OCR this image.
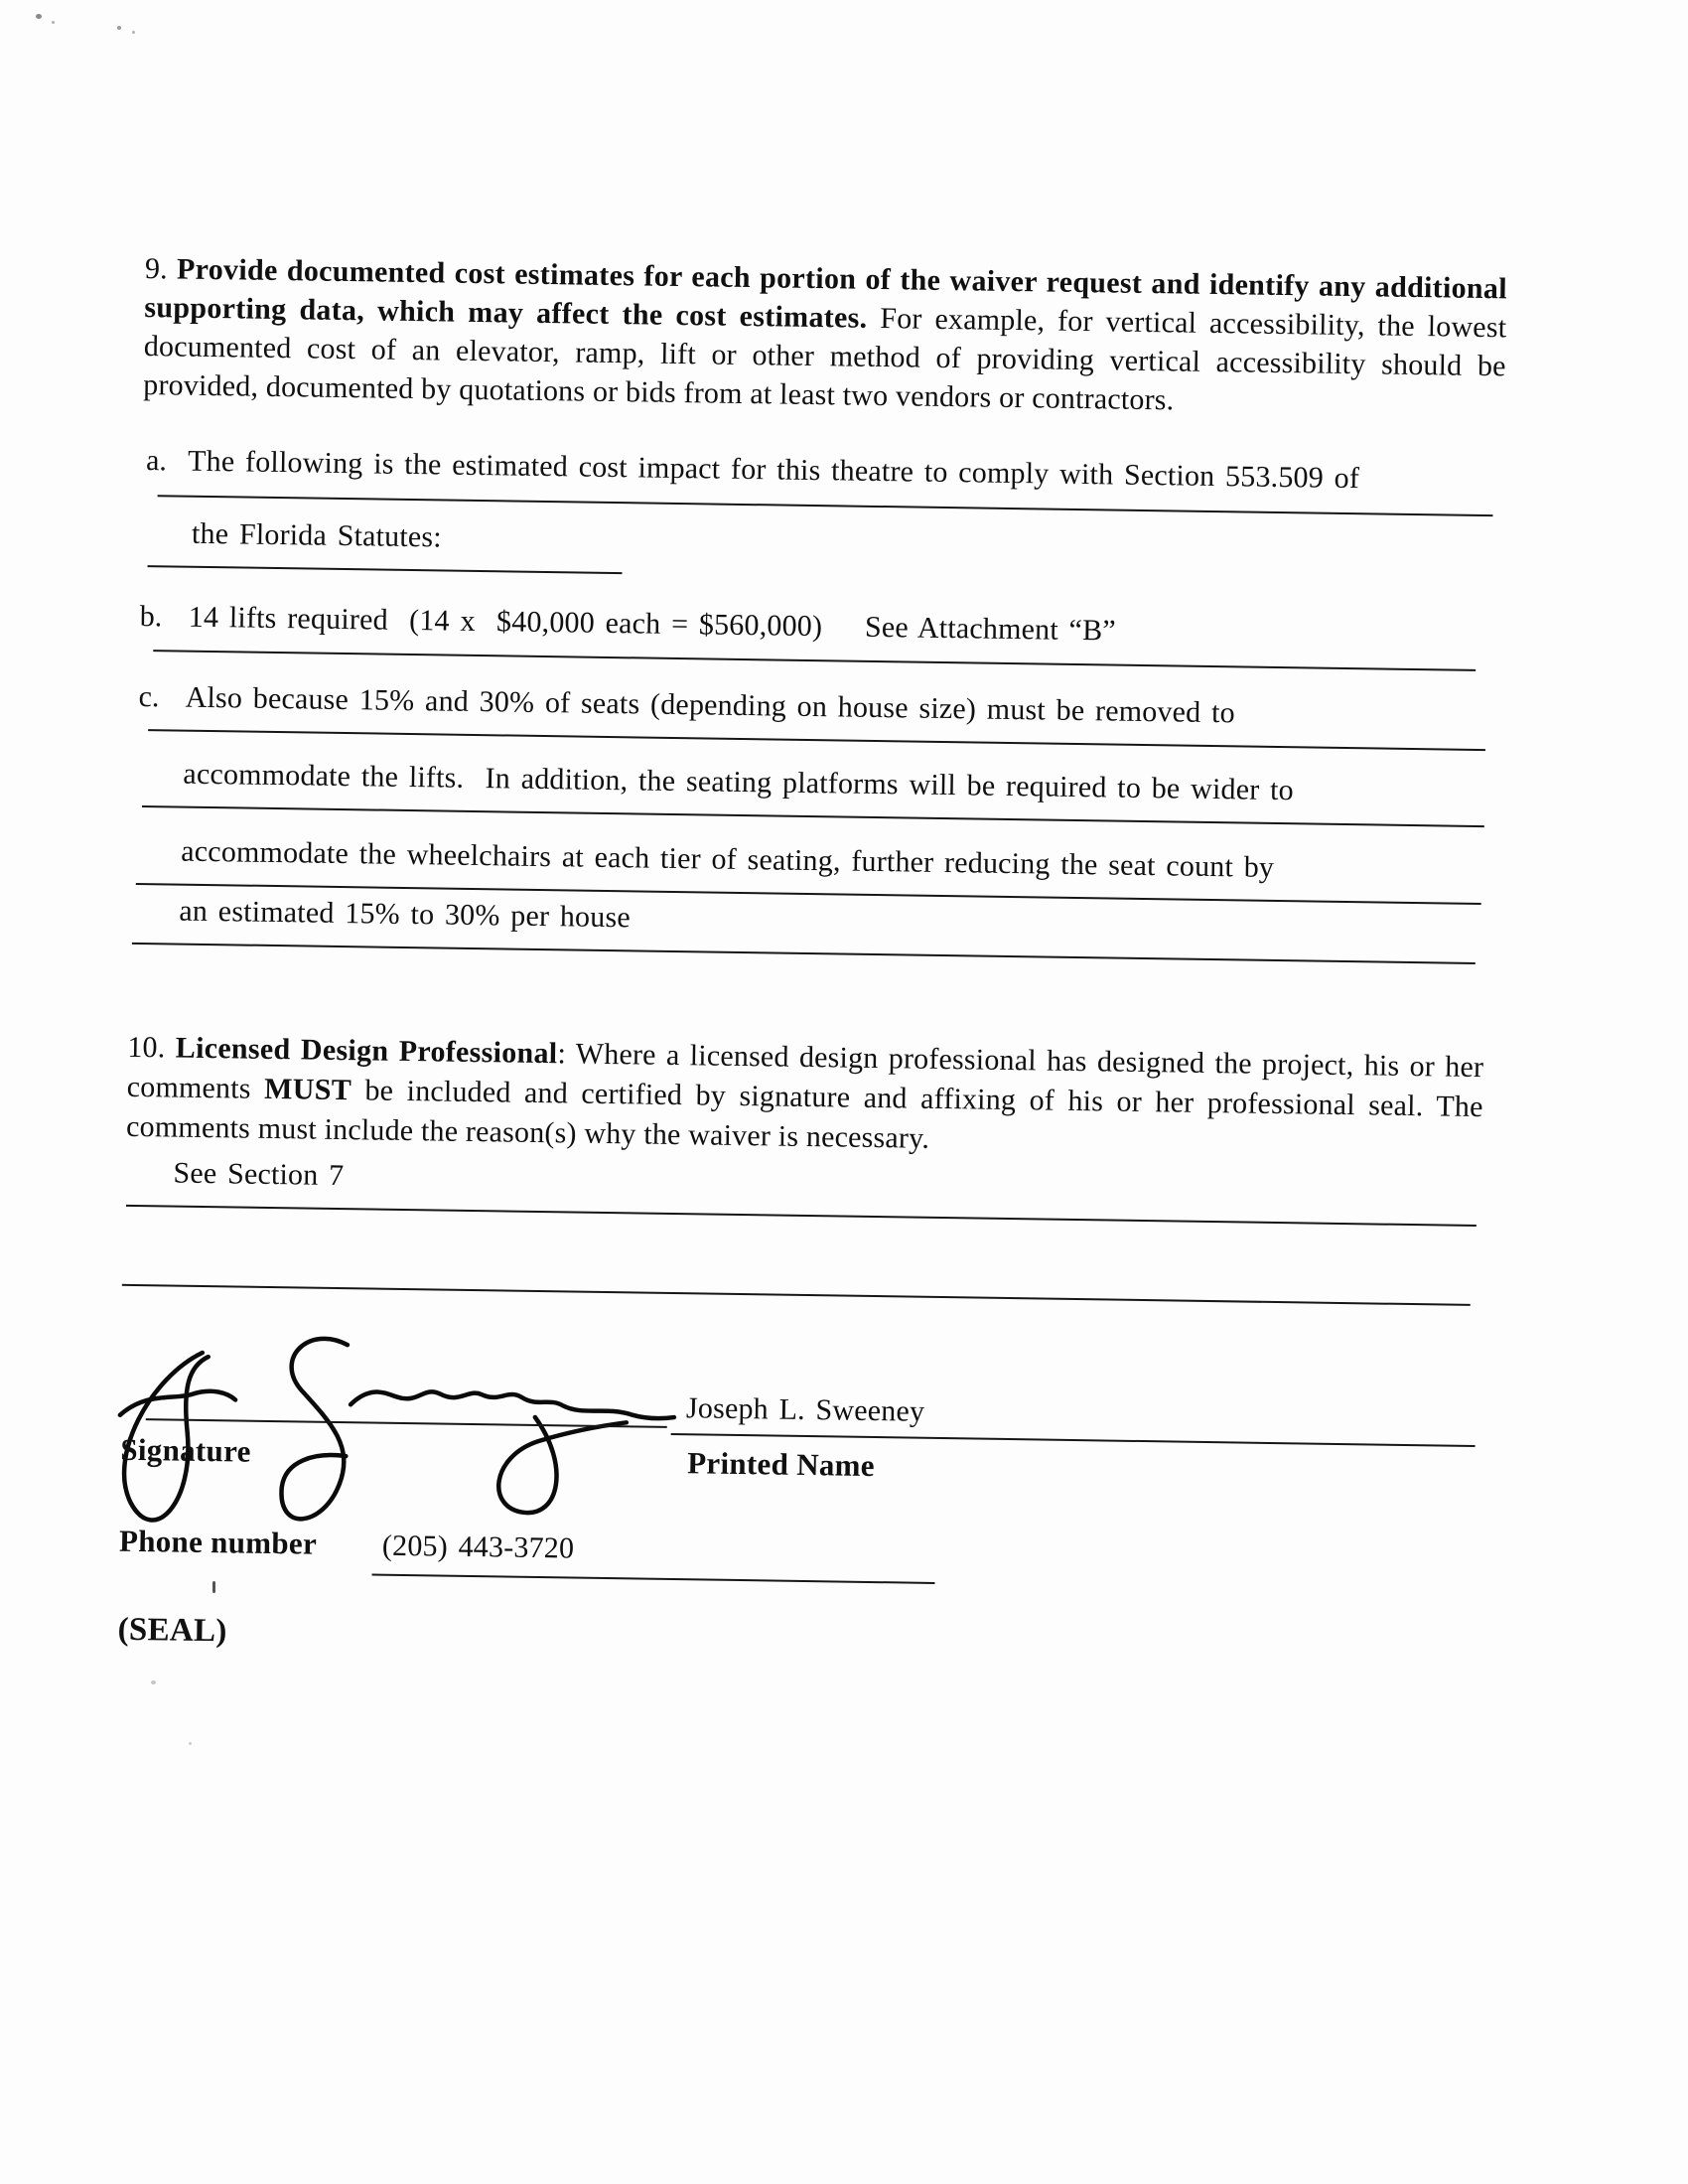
9. Provide documented cost estimates for each portion of the waiver request and identify any additional supporting data, which may affect the cost estimates. For example, for vertical accessibility, the lowest documented cost of an elevator, ramp, lift or other method of providing vertical accessibility should be provided, documented by quotations or bids from at least two vendors or contractors.

a. The following is the estimated cost impact for this theatre to comply with Section 553.509 of
the Florida Statutes:
b. 14 lifts required  (14 x  $40,000 each = $560,000)    See Attachment “B”
c. Also because 15% and 30% of seats (depending on house size) must be removed to
accommodate the lifts.  In addition, the seating platforms will be required to be wider to
accommodate the wheelchairs at each tier of seating, further reducing the seat count by
an estimated 15% to 30% per house

10. Licensed Design Professional: Where a licensed design professional has designed the project, his or her comments MUST be included and certified by signature and affixing of his or her professional seal. The comments must include the reason(s) why the waiver is necessary.

See Section 7
Signature
Joseph L. Sweeney
Printed Name
Phone number (205) 443-3720
(SEAL)
